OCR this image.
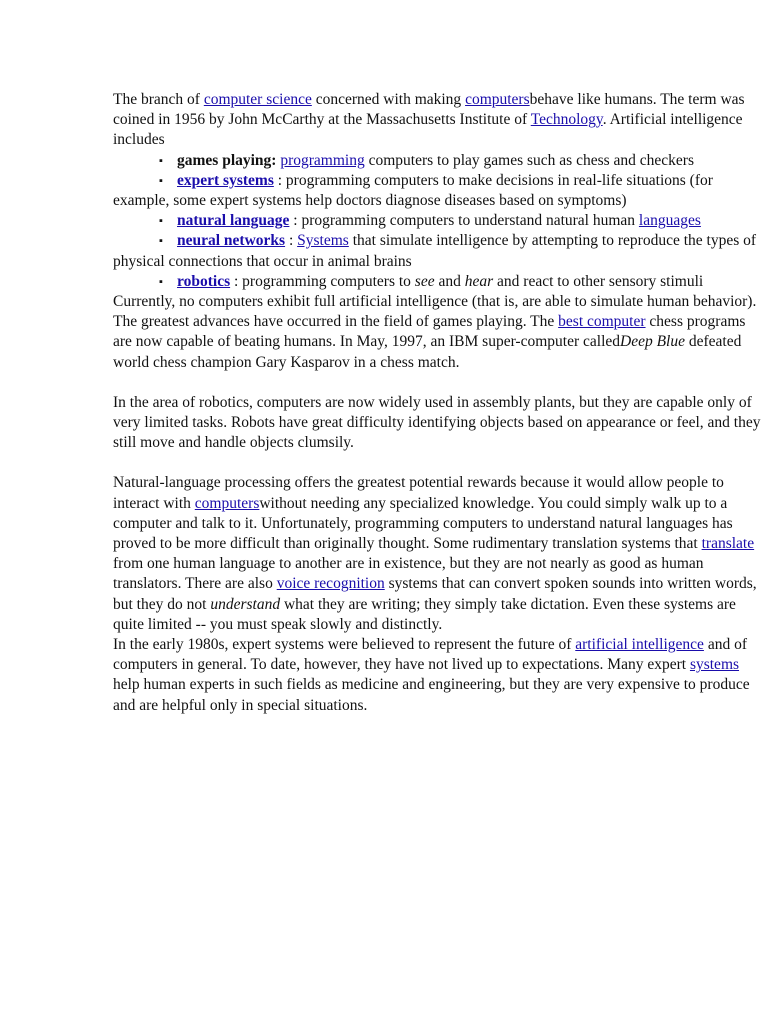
The branch of computer science concerned with making computersbehave like humans. The term was coined in 1956 by John McCarthy at the Massachusetts Institute of Technology. Artificial intelligence includes

▪ games playing: programming computers to play games such as chess and checkers
▪ expert systems : programming computers to make decisions in real-life situations (for example, some expert systems help doctors diagnose diseases based on symptoms)
▪ natural language : programming computers to understand natural human languages
▪ neural networks : Systems that simulate intelligence by attempting to reproduce the types of physical connections that occur in animal brains
▪ robotics : programming computers to see and hear and react to other sensory stimuli

Currently, no computers exhibit full artificial intelligence (that is, are able to simulate human behavior). The greatest advances have occurred in the field of games playing. The best computer chess programs are now capable of beating humans. In May, 1997, an IBM super-computer calledDeep Blue defeated world chess champion Gary Kasparov in a chess match.

In the area of robotics, computers are now widely used in assembly plants, but they are capable only of very limited tasks. Robots have great difficulty identifying objects based on appearance or feel, and they still move and handle objects clumsily.

Natural-language processing offers the greatest potential rewards because it would allow people to interact with computerswithout needing any specialized knowledge. You could simply walk up to a computer and talk to it. Unfortunately, programming computers to understand natural languages has proved to be more difficult than originally thought. Some rudimentary translation systems that translate from one human language to another are in existence, but they are not nearly as good as human translators. There are also voice recognition systems that can convert spoken sounds into written words, but they do not understand what they are writing; they simply take dictation. Even these systems are quite limited -- you must speak slowly and distinctly.

In the early 1980s, expert systems were believed to represent the future of artificial intelligence and of computers in general. To date, however, they have not lived up to expectations. Many expert systems help human experts in such fields as medicine and engineering, but they are very expensive to produce and are helpful only in special situations.
